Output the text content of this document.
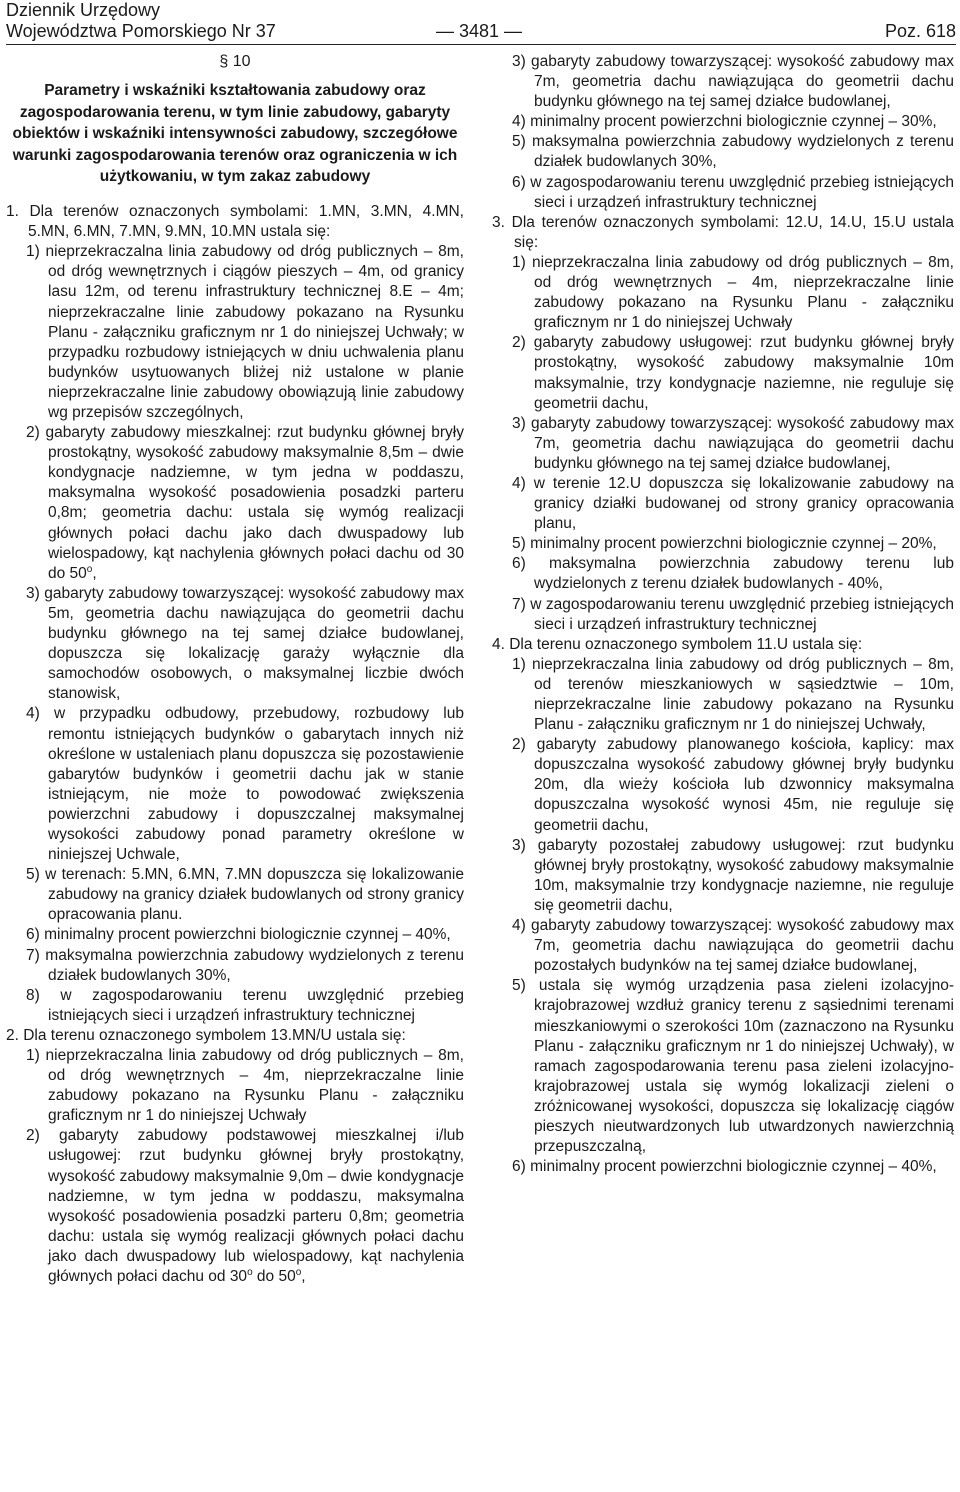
Dziennik Urzędowy
Województwa Pomorskiego Nr 37	— 3481 —	Poz. 618
§ 10
Parametry i wskaźniki kształtowania zabudowy oraz zagospodarowania terenu, w tym linie zabudowy, gabaryty obiektów i wskaźniki intensywności zabudowy, szczegółowe warunki zagospodarowania terenów oraz ograniczenia w ich użytkowaniu, w tym zakaz zabudowy

1. Dla terenów oznaczonych symbolami: 1.MN, 3.MN, 4.MN, 5.MN, 6.MN, 7.MN, 9.MN, 10.MN ustala się:

1) nieprzekraczalna linia zabudowy od dróg publicznych – 8m, od dróg wewnętrznych i ciągów pieszych – 4m, od granicy lasu 12m, od terenu infrastruktury technicznej 8.E – 4m; nieprzekraczalne linie zabudowy pokazano na Rysunku Planu - załączniku graficznym nr 1 do niniejszej Uchwały; w przypadku rozbudowy istniejących w dniu uchwalenia planu budynków usytuowanych bliżej niż ustalone w planie nieprzekraczalne linie zabudowy obowiązują linie zabudowy wg przepisów szczególnych,

2) gabaryty zabudowy mieszkalnej: rzut budynku głównej bryły prostokątny, wysokość zabudowy maksymalnie 8,5m – dwie kondygnacje nadziemne, w tym jedna w poddaszu, maksymalna wysokość posadowienia posadzki parteru 0,8m; geometria dachu: ustala się wymóg realizacji głównych połaci dachu jako dach dwuspadowy lub wielospadowy, kąt nachylenia głównych połaci dachu od 30 do 50$^o$,

3) gabaryty zabudowy towarzyszącej: wysokość zabudowy max 5m, geometria dachu nawiązująca do geometrii dachu budynku głównego na tej samej działce budowlanej, dopuszcza się lokalizację garaży wyłącznie dla samochodów osobowych, o maksymalnej liczbie dwóch stanowisk,

4) w przypadku odbudowy, przebudowy, rozbudowy lub remontu istniejących budynków o gabarytach innych niż określone w ustaleniach planu dopuszcza się pozostawienie gabarytów budynków i geometrii dachu jak w stanie istniejącym, nie może to powodować zwiększenia powierzchni zabudowy i dopuszczalnej maksymalnej wysokości zabudowy ponad parametry określone w niniejszej Uchwale,

5) w terenach: 5.MN, 6.MN, 7.MN dopuszcza się lokalizowanie zabudowy na granicy działek budowlanych od strony granicy opracowania planu.

6) minimalny procent powierzchni biologicznie czynnej – 40%,

7) maksymalna powierzchnia zabudowy wydzielonych z terenu działek budowlanych 30%,

8) w zagospodarowaniu terenu uwzględnić przebieg istniejących sieci i urządzeń infrastruktury technicznej

2. Dla terenu oznaczonego symbolem 13.MN/U ustala się:

1) nieprzekraczalna linia zabudowy od dróg publicznych – 8m, od dróg wewnętrznych – 4m, nieprzekraczalne linie zabudowy pokazano na Rysunku Planu - załączniku graficznym nr 1 do niniejszej Uchwały

2) gabaryty zabudowy podstawowej mieszkalnej i/lub usługowej: rzut budynku głównej bryły prostokątny, wysokość zabudowy maksymalnie 9,0m – dwie kondygnacje nadziemne, w tym jedna w poddaszu, maksymalna wysokość posadowienia posadzki parteru 0,8m; geometria dachu: ustala się wymóg realizacji głównych połaci dachu jako dach dwuspadowy lub wielospadowy, kąt nachylenia głównych połaci dachu od 30$^o$ do 50$^o$,

3) gabaryty zabudowy towarzyszącej: wysokość zabudowy max 7m, geometria dachu nawiązująca do geometrii dachu budynku głównego na tej samej działce budowlanej,

4) minimalny procent powierzchni biologicznie czynnej – 30%,

5) maksymalna powierzchnia zabudowy wydzielonych z terenu działek budowlanych 30%,

6) w zagospodarowaniu terenu uwzględnić przebieg istniejących sieci i urządzeń infrastruktury technicznej

3. Dla terenów oznaczonych symbolami: 12.U, 14.U, 15.U ustala się:

1) nieprzekraczalna linia zabudowy od dróg publicznych – 8m, od dróg wewnętrznych – 4m, nieprzekraczalne linie zabudowy pokazano na Rysunku Planu - załączniku graficznym nr 1 do niniejszej Uchwały

2) gabaryty zabudowy usługowej: rzut budynku głównej bryły prostokątny, wysokość zabudowy maksymalnie 10m maksymalnie, trzy kondygnacje naziemne, nie reguluje się geometrii dachu,

3) gabaryty zabudowy towarzyszącej: wysokość zabudowy max 7m, geometria dachu nawiązująca do geometrii dachu budynku głównego na tej samej działce budowlanej,

4) w terenie 12.U dopuszcza się lokalizowanie zabudowy na granicy działki budowanej od strony granicy opracowania planu,

5) minimalny procent powierzchni biologicznie czynnej – 20%,

6) maksymalna powierzchnia zabudowy terenu lub wydzielonych z terenu działek budowlanych - 40%,

7) w zagospodarowaniu terenu uwzględnić przebieg istniejących sieci i urządzeń infrastruktury technicznej

4. Dla terenu oznaczonego symbolem 11.U ustala się:

1) nieprzekraczalna linia zabudowy od dróg publicznych – 8m, od terenów mieszkaniowych w sąsiedztwie – 10m, nieprzekraczalne linie zabudowy pokazano na Rysunku Planu - załączniku graficznym nr 1 do niniejszej Uchwały,

2) gabaryty zabudowy planowanego kościoła, kaplicy: max dopuszczalna wysokość zabudowy głównej bryły budynku 20m, dla wieży kościoła lub dzwonnicy maksymalna dopuszczalna wysokość wynosi 45m, nie reguluje się geometrii dachu,

3) gabaryty pozostałej zabudowy usługowej: rzut budynku głównej bryły prostokątny, wysokość zabudowy maksymalnie 10m, maksymalnie trzy kondygnacje naziemne, nie reguluje się geometrii dachu,

4) gabaryty zabudowy towarzyszącej: wysokość zabudowy max 7m, geometria dachu nawiązująca do geometrii dachu pozostałych budynków na tej samej działce budowlanej,

5) ustala się wymóg urządzenia pasa zieleni izolacyjno-krajobrazowej wzdłuż granicy terenu z sąsiednimi terenami mieszkaniowymi o szerokości 10m (zaznaczono na Rysunku Planu - załączniku graficznym nr 1 do niniejszej Uchwały), w ramach zagospodarowania terenu pasa zieleni izolacyjno-krajobrazowej ustala się wymóg lokalizacji zieleni o zróżnicowanej wysokości, dopuszcza się lokalizację ciągów pieszych nieutwardzonych lub utwardzonych nawierzchnią przepuszczalną,

6) minimalny procent powierzchni biologicznie czynnej – 40%,
